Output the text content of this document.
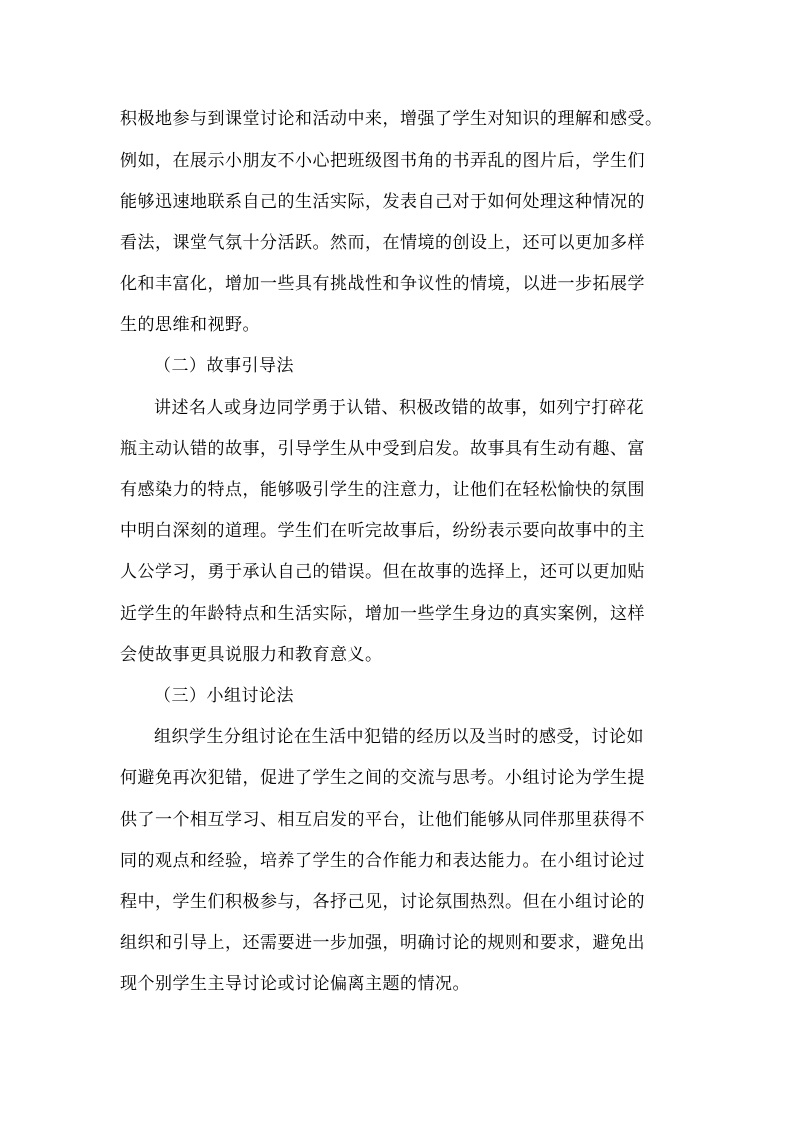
积极地参与到课堂讨论和活动中来，增强了学生对知识的理解和感受。
例如，在展示小朋友不小心把班级图书角的书弄乱的图片后，学生们
能够迅速地联系自己的生活实际，发表自己对于如何处理这种情况的
看法，课堂气氛十分活跃。然而，在情境的创设上，还可以更加多样
化和丰富化，增加一些具有挑战性和争议性的情境，以进一步拓展学
生的思维和视野。
（二）故事引导法
讲述名人或身边同学勇于认错、积极改错的故事，如列宁打碎花
瓶主动认错的故事，引导学生从中受到启发。故事具有生动有趣、富
有感染力的特点，能够吸引学生的注意力，让他们在轻松愉快的氛围
中明白深刻的道理。学生们在听完故事后，纷纷表示要向故事中的主
人公学习，勇于承认自己的错误。但在故事的选择上，还可以更加贴
近学生的年龄特点和生活实际，增加一些学生身边的真实案例，这样
会使故事更具说服力和教育意义。
（三）小组讨论法
组织学生分组讨论在生活中犯错的经历以及当时的感受，讨论如
何避免再次犯错，促进了学生之间的交流与思考。小组讨论为学生提
供了一个相互学习、相互启发的平台，让他们能够从同伴那里获得不
同的观点和经验，培养了学生的合作能力和表达能力。在小组讨论过
程中，学生们积极参与，各抒己见，讨论氛围热烈。但在小组讨论的
组织和引导上，还需要进一步加强，明确讨论的规则和要求，避免出
现个别学生主导讨论或讨论偏离主题的情况。
